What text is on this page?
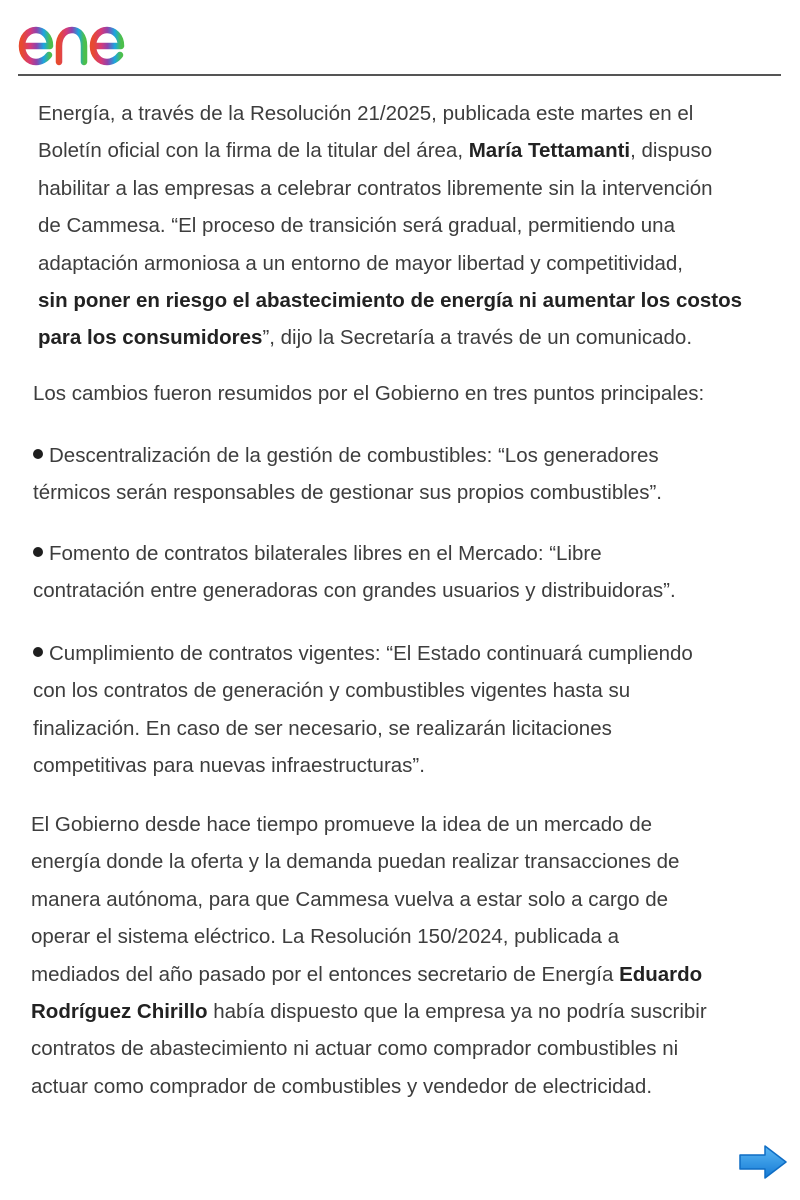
Energía, a través de la Resolución 21/2025, publicada este martes en el
Boletín oficial con la firma de la titular del área, María Tettamanti, dispuso
habilitar a las empresas a celebrar contratos libremente sin la intervención
de Cammesa. “El proceso de transición será gradual, permitiendo una
adaptación armoniosa a un entorno de mayor libertad y competitividad,
sin poner en riesgo el abastecimiento de energía ni aumentar los costos
para los consumidores”, dijo la Secretaría a través de un comunicado.

Los cambios fueron resumidos por el Gobierno en tres puntos principales:

Descentralización de la gestión de combustibles: “Los generadores
térmicos serán responsables de gestionar sus propios combustibles”.

Fomento de contratos bilaterales libres en el Mercado: “Libre
contratación entre generadoras con grandes usuarios y distribuidoras”.

Cumplimiento de contratos vigentes: “El Estado continuará cumpliendo
con los contratos de generación y combustibles vigentes hasta su
finalización. En caso de ser necesario, se realizarán licitaciones
competitivas para nuevas infraestructuras”.

El Gobierno desde hace tiempo promueve la idea de un mercado de
energía donde la oferta y la demanda puedan realizar transacciones de
manera autónoma, para que Cammesa vuelva a estar solo a cargo de
operar el sistema eléctrico. La Resolución 150/2024, publicada a
mediados del año pasado por el entonces secretario de Energía Eduardo
Rodríguez Chirillo había dispuesto que la empresa ya no podría suscribir
contratos de abastecimiento ni actuar como comprador combustibles ni
actuar como comprador de combustibles y vendedor de electricidad.
